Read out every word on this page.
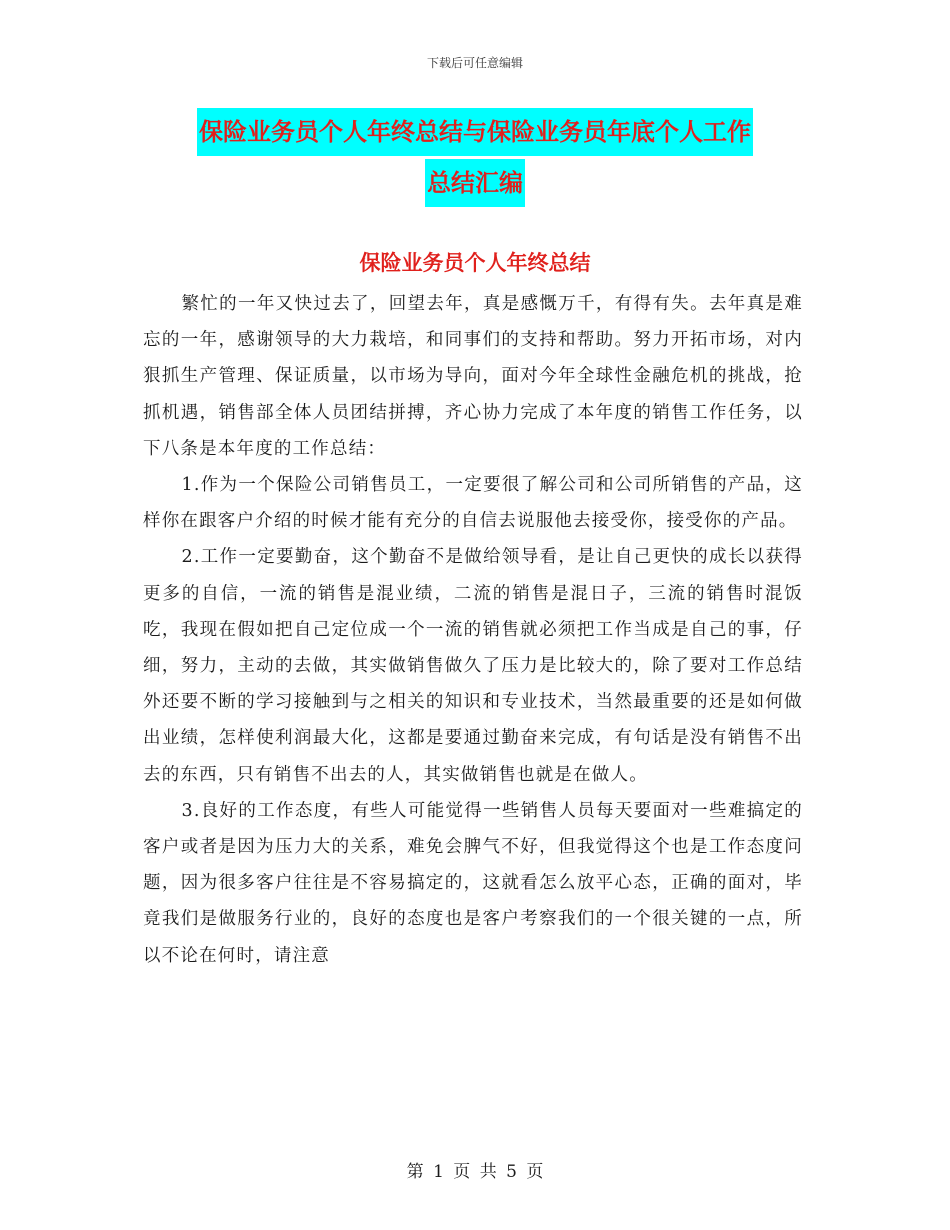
下载后可任意编辑
保险业务员个人年终总结与保险业务员年底个人工作
总结汇编
保险业务员个人年终总结

繁忙的一年又快过去了，回望去年，真是感慨万千，有得有失。去年真是难忘的一年，感谢领导的大力栽培，和同事们的支持和帮助。努力开拓市场，对内狠抓生产管理、保证质量，以市场为导向，面对今年全球性金融危机的挑战，抢抓机遇，销售部全体人员团结拼搏，齐心协力完成了本年度的销售工作任务，以下八条是本年度的工作总结：

1.作为一个保险公司销售员工，一定要很了解公司和公司所销售的产品，这样你在跟客户介绍的时候才能有充分的自信去说服他去接受你，接受你的产品。

2.工作一定要勤奋，这个勤奋不是做给领导看，是让自己更快的成长以获得更多的自信，一流的销售是混业绩，二流的销售是混日子，三流的销售时混饭吃，我现在假如把自己定位成一个一流的销售就必须把工作当成是自己的事，仔细，努力，主动的去做，其实做销售做久了压力是比较大的，除了要对工作总结外还要不断的学习接触到与之相关的知识和专业技术，当然最重要的还是如何做出业绩，怎样使利润最大化，这都是要通过勤奋来完成，有句话是没有销售不出去的东西，只有销售不出去的人，其实做销售也就是在做人。

3.良好的工作态度，有些人可能觉得一些销售人员每天要面对一些难搞定的客户或者是因为压力大的关系，难免会脾气不好，但我觉得这个也是工作态度问题，因为很多客户往往是不容易搞定的，这就看怎么放平心态，正确的面对，毕竟我们是做服务行业的，良好的态度也是客户考察我们的一个很关键的一点，所以不论在何时，请注意

第 1 页 共 5 页
